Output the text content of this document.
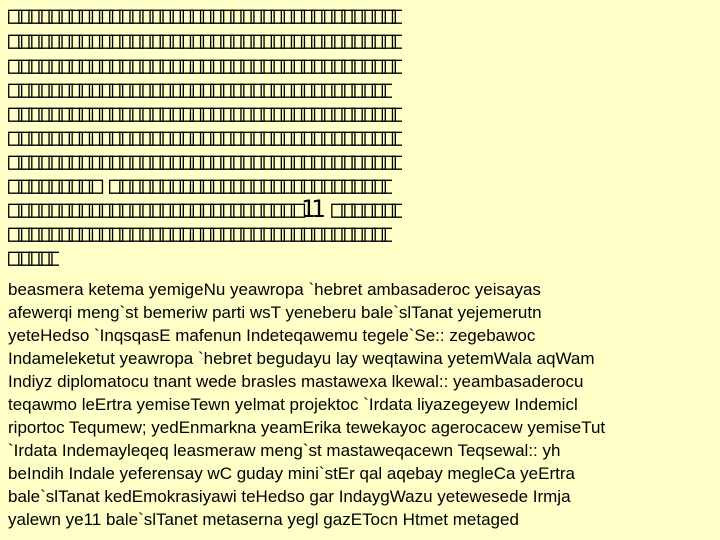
□□□□□□□□□□□□□□□□□□□□□□□□□□□□□□□□□□□□□□□
□□□□□□□□□□□□□□□□□□□□□□□□□□□□□□□□□□□□□□□
□□□□□□□□□□□□□□□□□□□□□□□□□□□□□□□□□□□□□□□
□□□□□□□□□□□□□□□□□□□□□□□□□□□□□□□□□□□□□□
□□□□□□□□□□□□□□□□□□□□□□□□□□□□□□□□□□□□□□□
□□□□□□□□□□□□□□□□□□□□□□□□□□□□□□□□□□□□□□□
□□□□□□□□□□□□□□□□□□□□□□□□□□□□□□□□□□□□□□□
□□□□□□□□□ □□□□□□□□□□□□□□□□□□□□□□□□□□□□
□□□□□□□□□□□□□□□□□□□□□□□□□□□□□11 □□□□□□□
□□□□□□□□□□□□□□□□□□□□□□□□□□□□□□□□□□□□□□
□□□□□
beasmera ketema yemigeNu yeawropa `hebret ambasaderoc yeisayas
afewerqi meng`st bemeriw parti wsT yeneberu bale`slTanat yejemerutn
yeteHedso `InqsqasE mafenun Indeteqawemu tegele`Se:: zegebawoc
Indameleketut yeawropa `hebret begudayu lay weqtawina yetemWala aqWam
Indiyz diplomatocu tnant wede brasles mastawexa lkewal:: yeambasaderocu
teqawmo leErtra yemiseTewn yelmat projektoc `Irdata liyazegeyew Indemicl
riportoc Tequmew; yedEnmarkna yeamErika tewekayoc agerocacew yemiseTut
`Irdata Indemayleqeq leasmeraw meng`st mastaweqacewn Teqsewal:: yh
beIndih Indale yeferensay wC guday mini`stEr qal aqebay megleCa yeErtra
bale`slTanat kedEmokrasiyawi teHedso gar IndaygWazu yetewesede Irmja
yalewn ye11 bale`slTanet metaserna yegl gazETocn Htmet metaged
